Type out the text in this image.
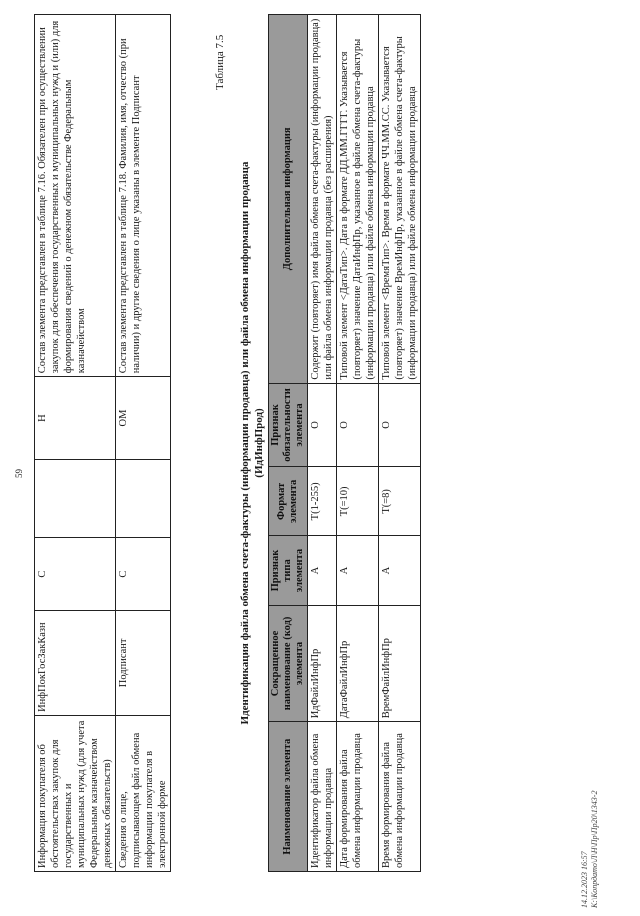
59
Информация покупателя об обстоятельствах закупок для государственных и муниципальных нужд (для учета Федеральным казначейством денежных обязательств)	ИнфПокГосЗакКазн	С		Н	Состав элемента представлен в таблице 7.16. Обязателен при осуществлении закупок для обеспечения государственных и муниципальных нужд и (или) для формирования сведений о денежном обязательстве Федеральным казначейством
Сведения о лице, подписывающем файл обмена информации покупателя в электронной форме	Подписант	С		ОМ	Состав элемента представлен в таблице 7.18. Фамилия, имя, отчество (при наличии) и другие сведения о лице указаны в элементе Подписант
Таблица 7.5
Идентификация файла обмена счета-фактуры (информации продавца) или файла обмена информации продавца (ИдИнфПрод)
Наименование элемента	Сокращенное наименование (код) элемента	Признак типа элемента	Формат элемента	Признак обязательности элемента	Дополнительная информация
Идентификатор файла обмена информации продавца	ИдФайлИнфПр	А	T(1-255)	О	Содержит (повторяет) имя файла обмена счета-фактуры (информации продавца) или файла обмена информации продавца (без расширения)
Дата формирования файла обмена информации продавца	ДатаФайлИнфПр	А	T(=10)	О	Типовой элемент <ДатаТип>. Дата в формате ДД.ММ.ГГГГ. Указывается (повторяет) значение ДатаИнфПр, указанное в файле обмена счета-фактуры (информации продавца) или файле обмена информации продавца
Время формирования файла обмена информации продавца	ВремФайлИнфПр	А	T(=8)	О	Типовой элемент <ВремяТип>. Время в формате ЧЧ.ММ.СС. Указывается (повторяет) значение ВремИнфПр, указанное в файле обмена счета-фактуры (информации продавца) или файле обмена информации продавца
14.12.2023 16:57 К:\Копрдато\Л\Н\Пр\Пр20\1343-2
